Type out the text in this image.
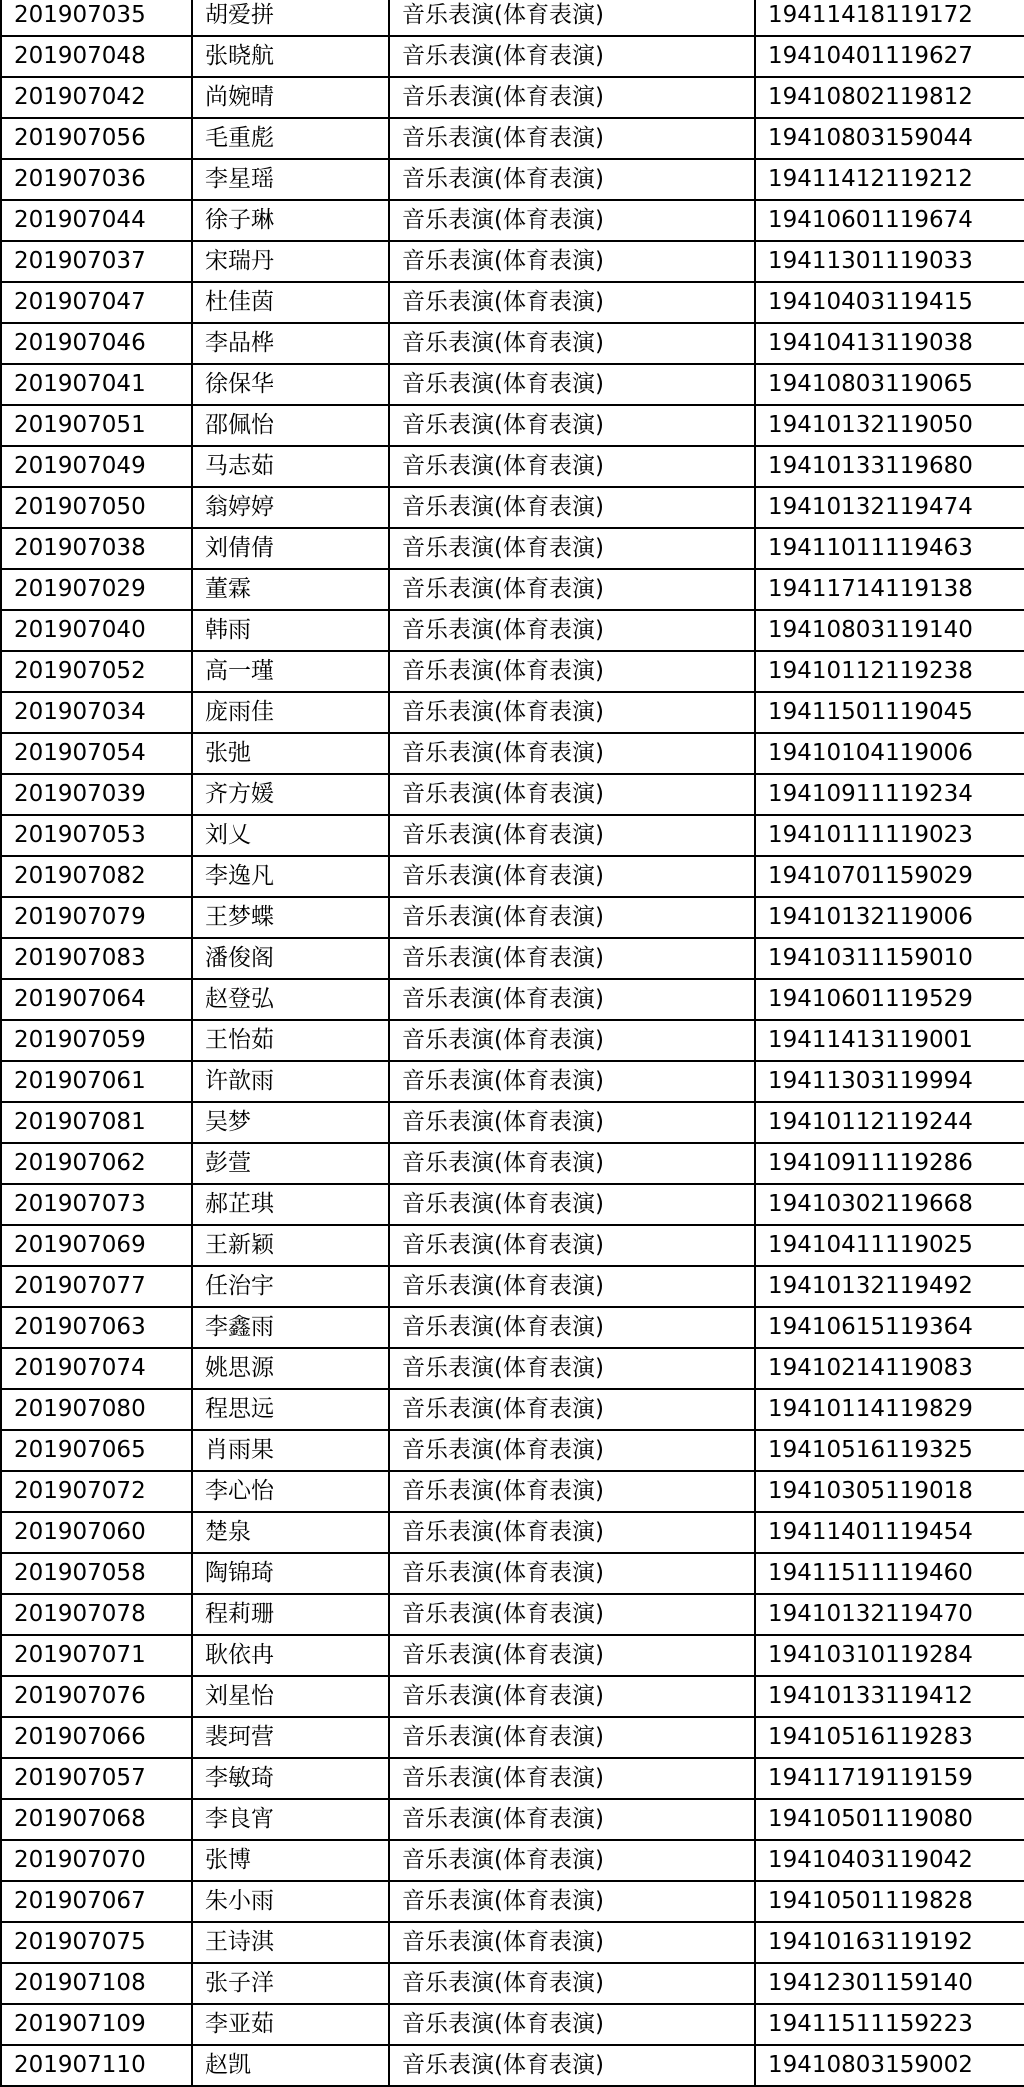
201907035	胡爱拼	音乐表演(体育表演)	19411418119172
201907048	张晓航	音乐表演(体育表演)	19410401119627
201907042	尚婉晴	音乐表演(体育表演)	19410802119812
201907056	毛重彪	音乐表演(体育表演)	19410803159044
201907036	李星瑶	音乐表演(体育表演)	19411412119212
201907044	徐子琳	音乐表演(体育表演)	19410601119674
201907037	宋瑞丹	音乐表演(体育表演)	19411301119033
201907047	杜佳茵	音乐表演(体育表演)	19410403119415
201907046	李品桦	音乐表演(体育表演)	19410413119038
201907041	徐保华	音乐表演(体育表演)	19410803119065
201907051	邵佩怡	音乐表演(体育表演)	19410132119050
201907049	马志茹	音乐表演(体育表演)	19410133119680
201907050	翁婷婷	音乐表演(体育表演)	19410132119474
201907038	刘倩倩	音乐表演(体育表演)	19411011119463
201907029	董霖	音乐表演(体育表演)	19411714119138
201907040	韩雨	音乐表演(体育表演)	19410803119140
201907052	高一瑾	音乐表演(体育表演)	19410112119238
201907034	庞雨佳	音乐表演(体育表演)	19411501119045
201907054	张弛	音乐表演(体育表演)	19410104119006
201907039	齐方媛	音乐表演(体育表演)	19410911119234
201907053	刘乂	音乐表演(体育表演)	19410111119023
201907082	李逸凡	音乐表演(体育表演)	19410701159029
201907079	王梦蝶	音乐表演(体育表演)	19410132119006
201907083	潘俊阁	音乐表演(体育表演)	19410311159010
201907064	赵登弘	音乐表演(体育表演)	19410601119529
201907059	王怡茹	音乐表演(体育表演)	19411413119001
201907061	许歆雨	音乐表演(体育表演)	19411303119994
201907081	吴梦	音乐表演(体育表演)	19410112119244
201907062	彭萱	音乐表演(体育表演)	19410911119286
201907073	郝芷琪	音乐表演(体育表演)	19410302119668
201907069	王新颖	音乐表演(体育表演)	19410411119025
201907077	任治宇	音乐表演(体育表演)	19410132119492
201907063	李鑫雨	音乐表演(体育表演)	19410615119364
201907074	姚思源	音乐表演(体育表演)	19410214119083
201907080	程思远	音乐表演(体育表演)	19410114119829
201907065	肖雨果	音乐表演(体育表演)	19410516119325
201907072	李心怡	音乐表演(体育表演)	19410305119018
201907060	楚泉	音乐表演(体育表演)	19411401119454
201907058	陶锦琦	音乐表演(体育表演)	19411511119460
201907078	程莉珊	音乐表演(体育表演)	19410132119470
201907071	耿依冉	音乐表演(体育表演)	19410310119284
201907076	刘星怡	音乐表演(体育表演)	19410133119412
201907066	裴珂营	音乐表演(体育表演)	19410516119283
201907057	李敏琦	音乐表演(体育表演)	19411719119159
201907068	李良宵	音乐表演(体育表演)	19410501119080
201907070	张博	音乐表演(体育表演)	19410403119042
201907067	朱小雨	音乐表演(体育表演)	19410501119828
201907075	王诗淇	音乐表演(体育表演)	19410163119192
201907108	张子洋	音乐表演(体育表演)	19412301159140
201907109	李亚茹	音乐表演(体育表演)	19411511159223
201907110	赵凯	音乐表演(体育表演)	19410803159002
